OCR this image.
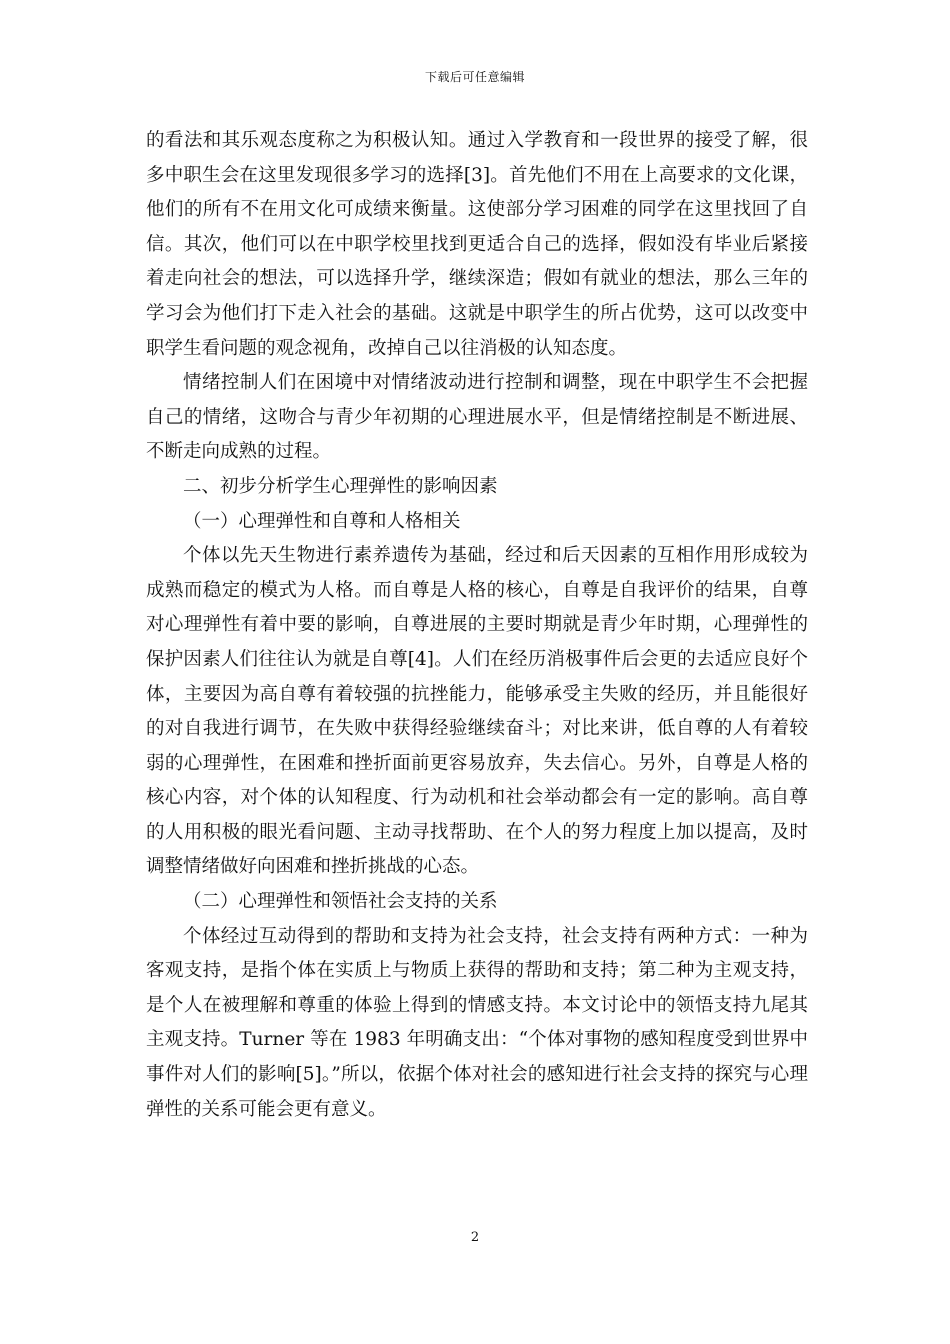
下载后可任意编辑

的看法和其乐观态度称之为积极认知。通过入学教育和一段世界的接受了解，很多中职生会在这里发现很多学习的选择[3]。首先他们不用在上高要求的文化课，他们的所有不在用文化可成绩来衡量。这使部分学习困难的同学在这里找回了自信。其次，他们可以在中职学校里找到更适合自己的选择，假如没有毕业后紧接着走向社会的想法，可以选择升学，继续深造；假如有就业的想法，那么三年的学习会为他们打下走入社会的基础。这就是中职学生的所占优势，这可以改变中职学生看问题的观念视角，改掉自己以往消极的认知态度。

情绪控制人们在困境中对情绪波动进行控制和调整，现在中职学生不会把握自己的情绪，这吻合与青少年初期的心理进展水平，但是情绪控制是不断进展、不断走向成熟的过程。

二、初步分析学生心理弹性的影响因素

（一）心理弹性和自尊和人格相关

个体以先天生物进行素养遗传为基础，经过和后天因素的互相作用形成较为成熟而稳定的模式为人格。而自尊是人格的核心，自尊是自我评价的结果，自尊对心理弹性有着中要的影响，自尊进展的主要时期就是青少年时期，心理弹性的保护因素人们往往认为就是自尊[4]。人们在经历消极事件后会更的去适应良好个体，主要因为高自尊有着较强的抗挫能力，能够承受主失败的经历，并且能很好的对自我进行调节，在失败中获得经验继续奋斗；对比来讲，低自尊的人有着较弱的心理弹性，在困难和挫折面前更容易放弃，失去信心。另外，自尊是人格的核心内容，对个体的认知程度、行为动机和社会举动都会有一定的影响。高自尊的人用积极的眼光看问题、主动寻找帮助、在个人的努力程度上加以提高，及时调整情绪做好向困难和挫折挑战的心态。

（二）心理弹性和领悟社会支持的关系

个体经过互动得到的帮助和支持为社会支持，社会支持有两种方式：一种为客观支持，是指个体在实质上与物质上获得的帮助和支持；第二种为主观支持，是个人在被理解和尊重的体验上得到的情感支持。本文讨论中的领悟支持九尾其主观支持。Turner 等在 1983 年明确支出：“个体对事物的感知程度受到世界中事件对人们的影响[5]。”所以，依据个体对社会的感知进行社会支持的探究与心理弹性的关系可能会更有意义。

2
